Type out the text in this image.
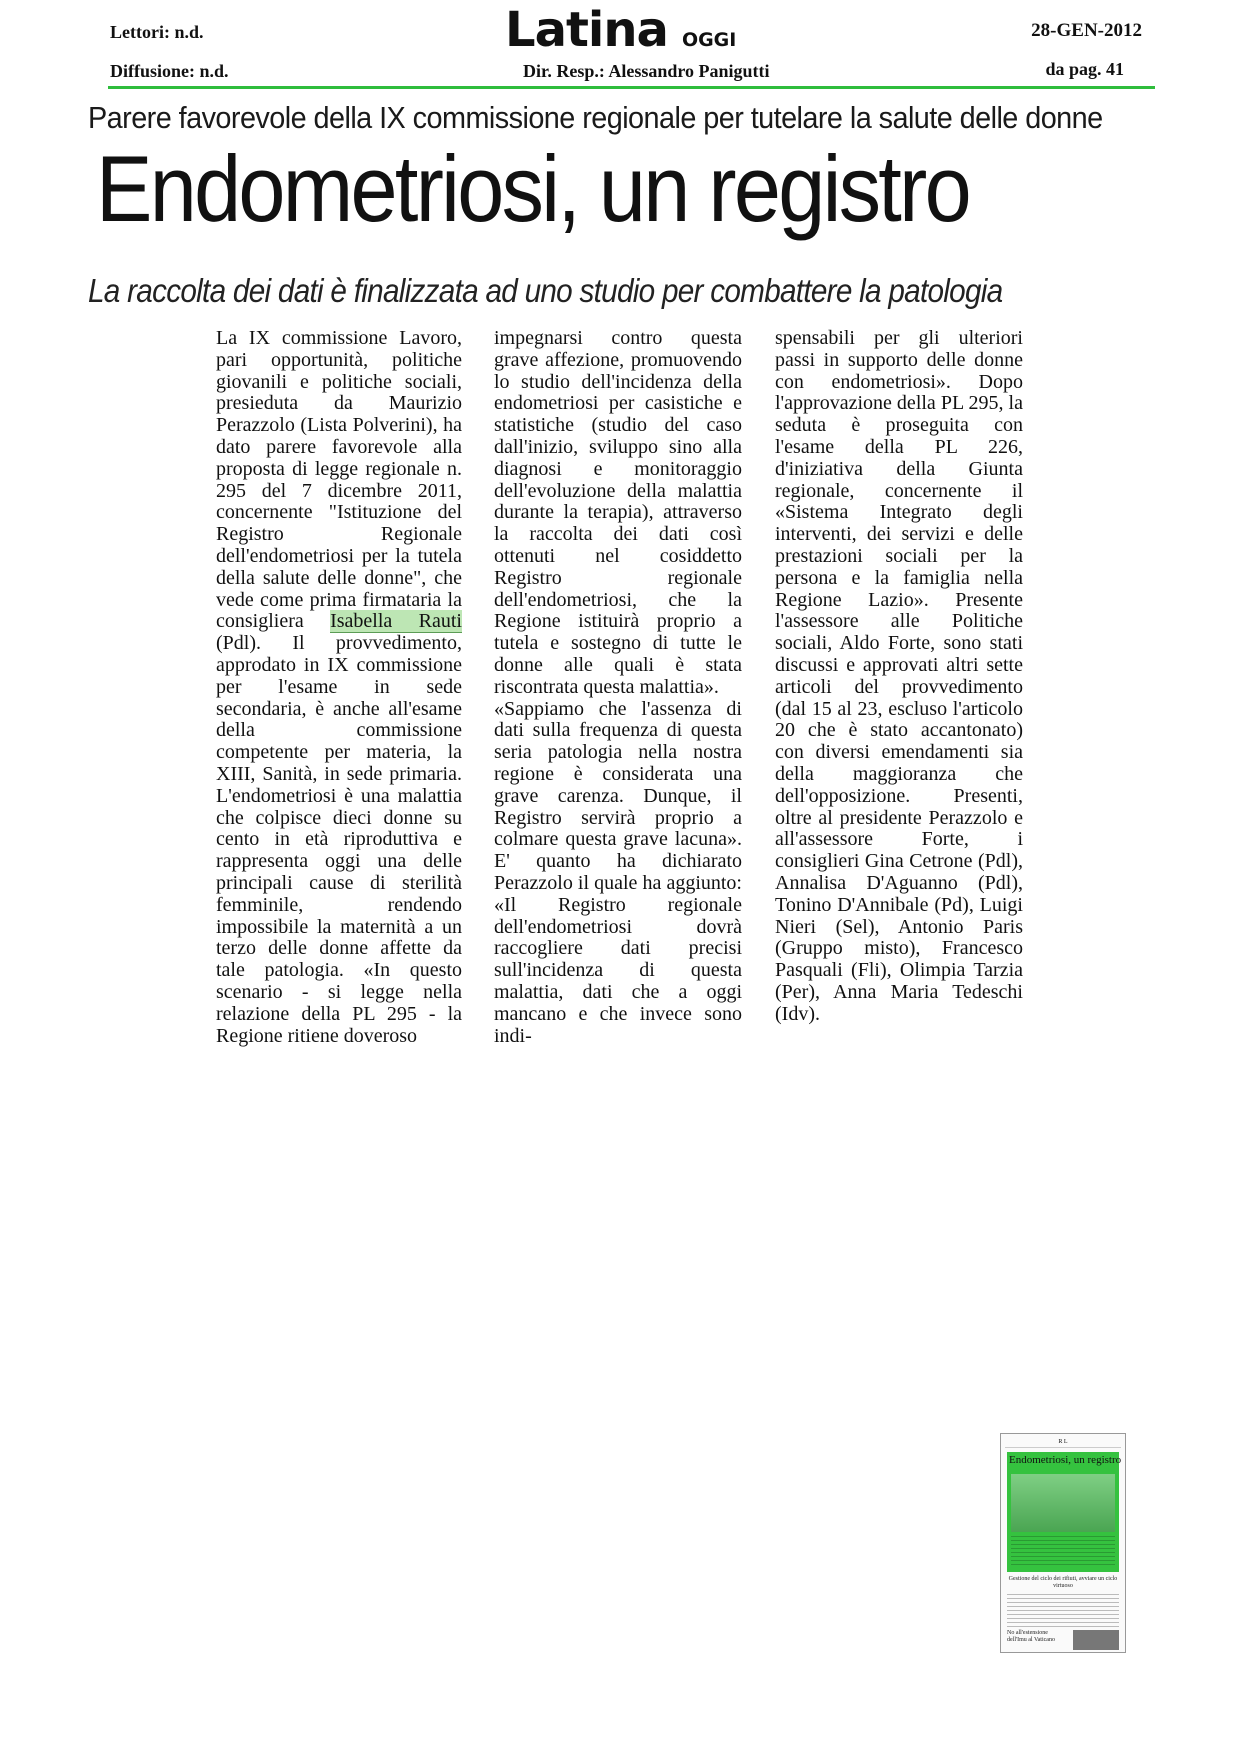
Lettori: n.d.
Diffusione: n.d.
Latina OGGI
Dir. Resp.: Alessandro Panigutti
28-GEN-2012
da pag. 41
Parere favorevole della IX commissione regionale per tutelare la salute delle donne
Endometriosi, un registro
La raccolta dei dati è finalizzata ad uno studio per combattere la patologia

La IX commissione Lavoro, pari opportunità, politiche giovanili e politiche sociali, presieduta da Maurizio Perazzolo (Lista Polverini), ha dato parere favorevole alla proposta di legge regionale n. 295 del 7 dicembre 2011, concernente "Istituzione del Registro Regionale dell'endometriosi per la tutela della salute delle donne", che vede come prima firmataria la consigliera Isabella Rauti (Pdl). Il provvedimento, approdato in IX commissione per l'esame in sede secondaria, è anche all'esame della commissione competente per materia, la XIII, Sanità, in sede primaria. L'endometriosi è una malattia che colpisce dieci donne su cento in età riproduttiva e rappresenta oggi una delle principali cause di sterilità femminile, rendendo impossibile la maternità a un terzo delle donne affette da tale patologia. «In questo scenario - si legge nella relazione della PL 295 - la Regione ritiene doveroso

impegnarsi contro questa grave affezione, promuovendo lo studio dell'incidenza della endometriosi per casistiche e statistiche (studio del caso dall'inizio, sviluppo sino alla diagnosi e monitoraggio dell'evoluzione della malattia durante la terapia), attraverso la raccolta dei dati così ottenuti nel cosiddetto Registro regionale dell'endometriosi, che la Regione istituirà proprio a tutela e sostegno di tutte le donne alle quali è stata riscontrata questa malattia».

«Sappiamo che l'assenza di dati sulla frequenza di questa seria patologia nella nostra regione è considerata una grave carenza. Dunque, il Registro servirà proprio a colmare questa grave lacuna». E' quanto ha dichiarato Perazzolo il quale ha aggiunto: «Il Registro regionale dell'endometriosi dovrà raccogliere dati precisi sull'incidenza di questa malattia, dati che a oggi mancano e che invece sono indi-

spensabili per gli ulteriori passi in supporto delle donne con endometriosi». Dopo l'approvazione della PL 295, la seduta è proseguita con l'esame della PL 226, d'iniziativa della Giunta regionale, concernente il «Sistema Integrato degli interventi, dei servizi e delle prestazioni sociali per la persona e la famiglia nella Regione Lazio». Presente l'assessore alle Politiche sociali, Aldo Forte, sono stati discussi e approvati altri sette articoli del provvedimento (dal 15 al 23, escluso l'articolo 20 che è stato accantonato) con diversi emendamenti sia della maggioranza che dell'opposizione. Presenti, oltre al presidente Perazzolo e all'assessore Forte, i consiglieri Gina Cetrone (Pdl), Annalisa D'Aguanno (Pdl), Tonino D'Annibale (Pd), Luigi Nieri (Sel), Antonio Paris (Gruppo misto), Francesco Pasquali (Fli), Olimpia Tarzia (Per), Anna Maria Tedeschi (Idv).

R L
Endometriosi, un registro
Gestione del ciclo dei rifiuti, avviare un ciclo virtuoso
No all'estensione dell'Imu al Vaticano
